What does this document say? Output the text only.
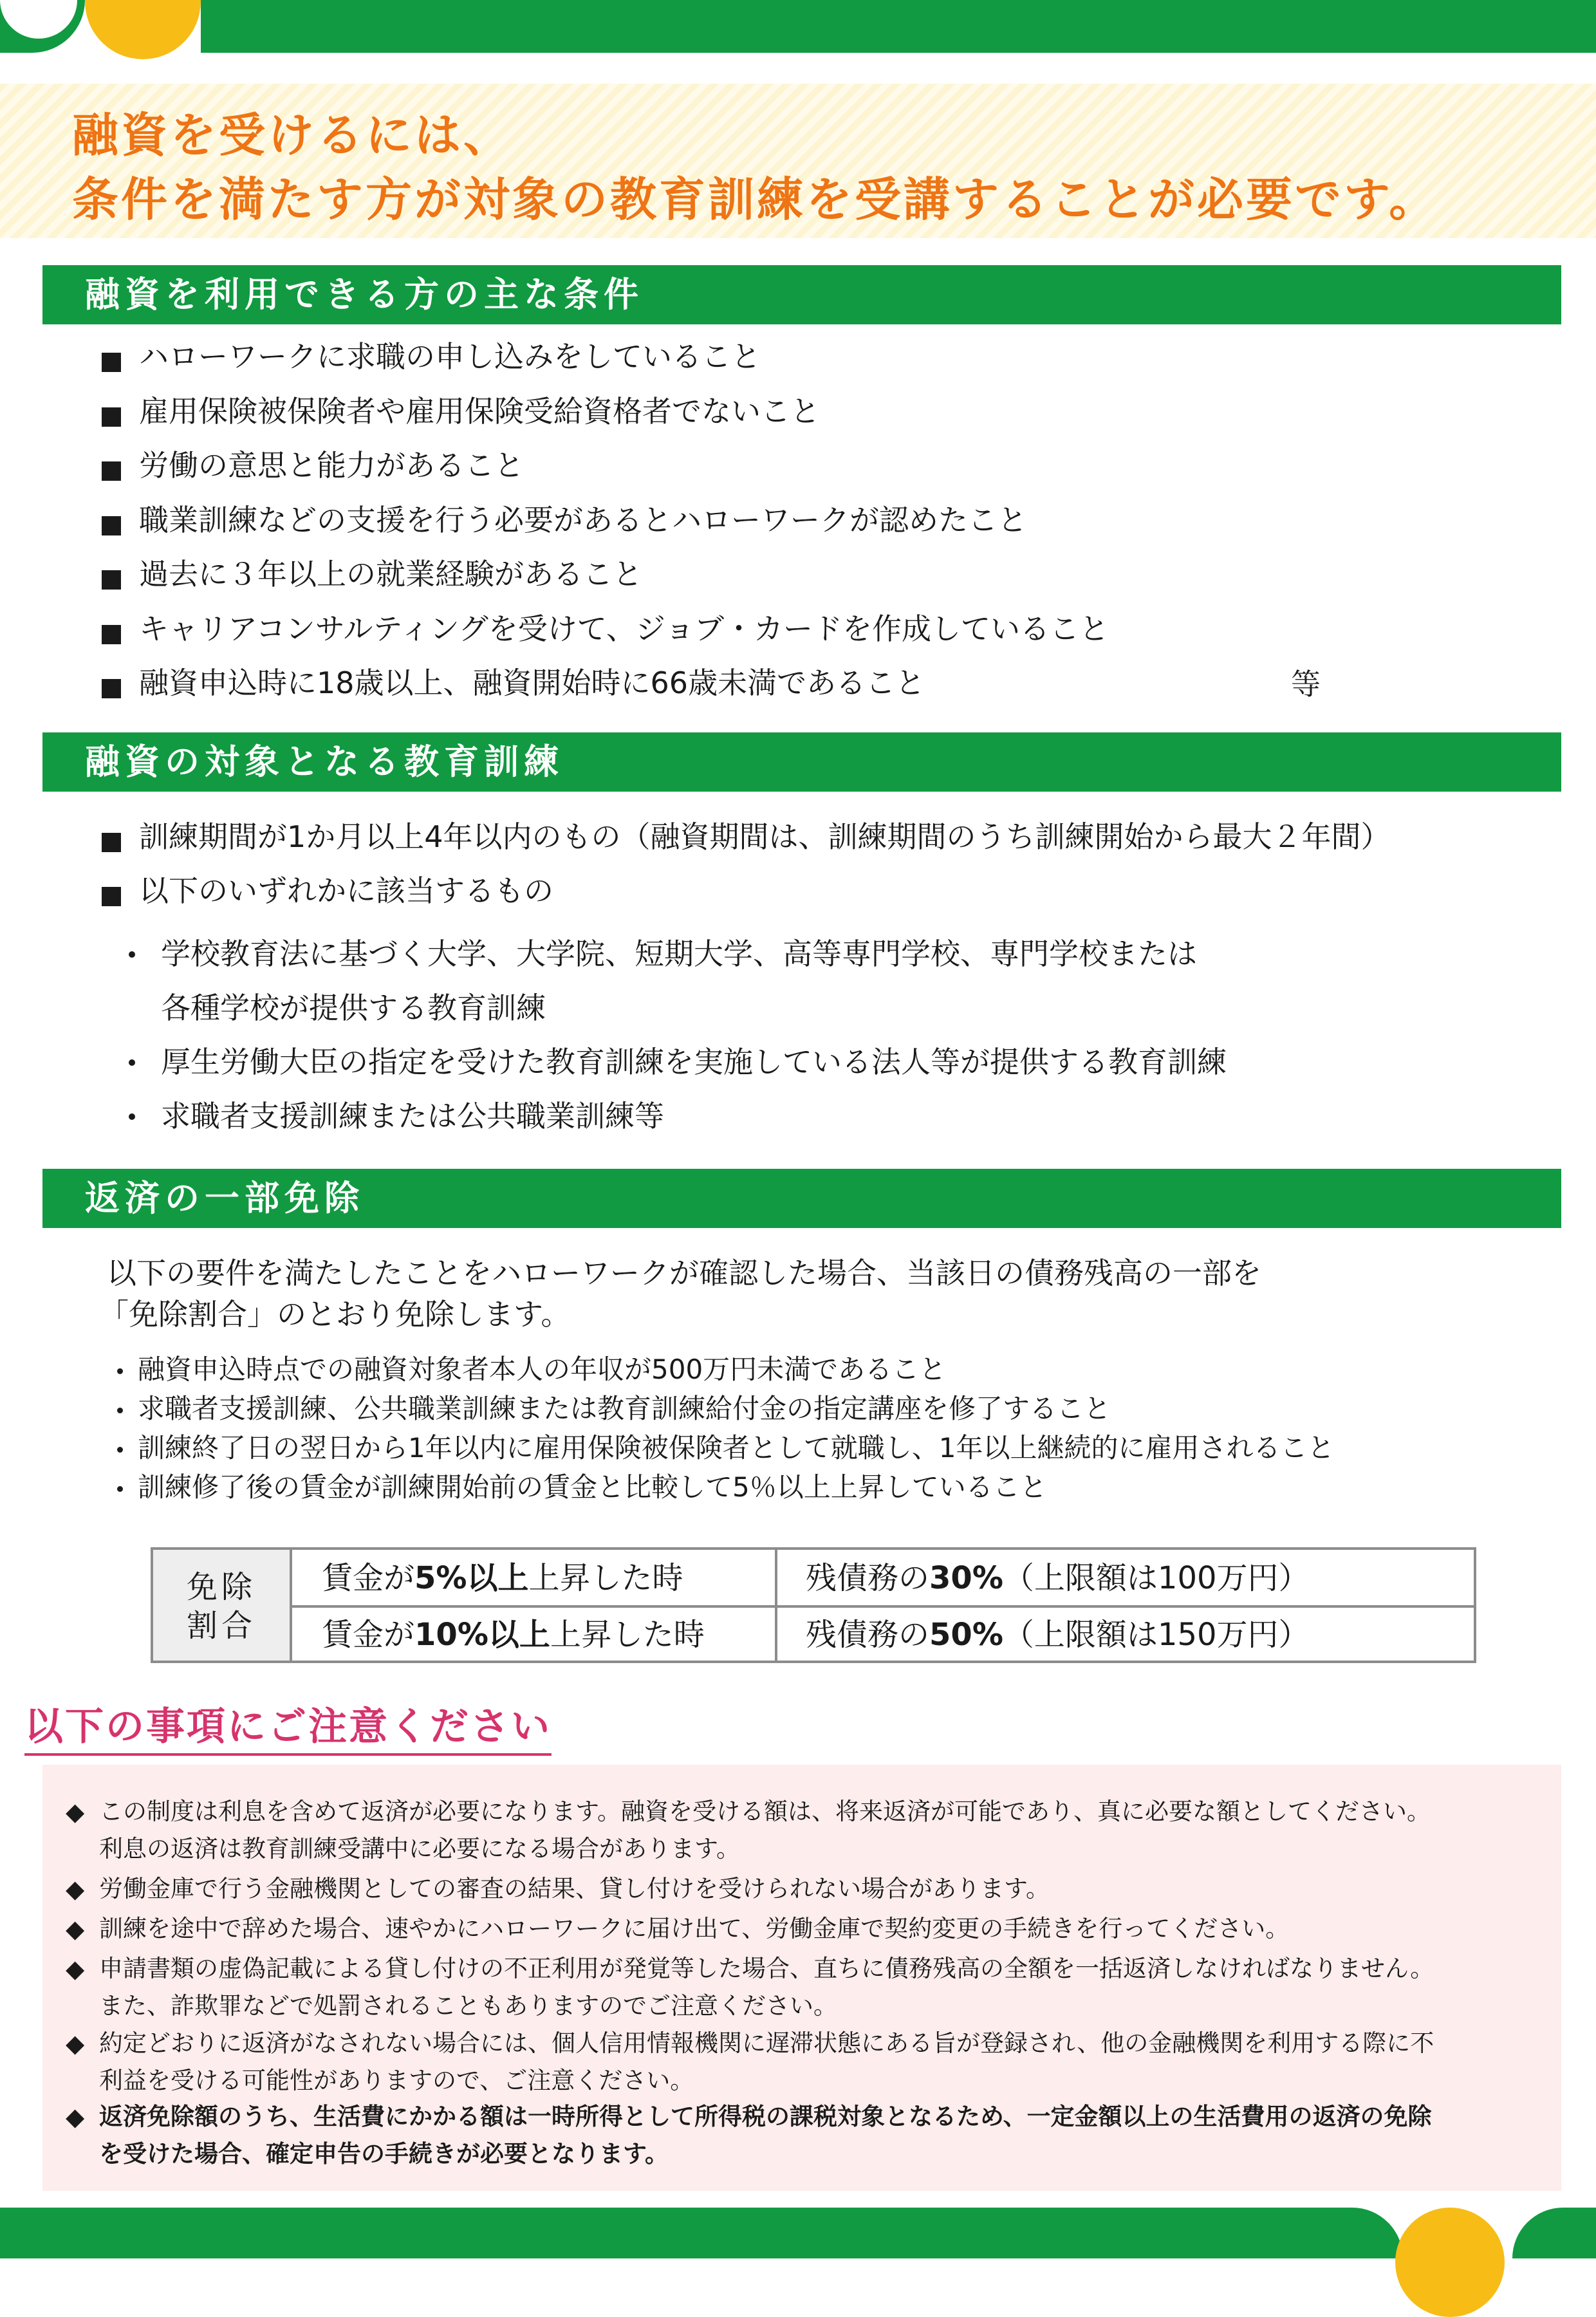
融資を受けるには、
条件を満たす方が対象の教育訓練を受講することが必要です。
融資を利用できる方の主な条件
ハローワークに求職の申し込みをしていること
雇用保険被保険者や雇用保険受給資格者でないこと
労働の意思と能力があること
職業訓練などの支援を行う必要があるとハローワークが認めたこと
過去に３年以上の就業経験があること
キャリアコンサルティングを受けて、ジョブ・カードを作成していること
融資申込時に18歳以上、融資開始時に66歳未満であること	等
融資の対象となる教育訓練
訓練期間が1か月以上4年以内のもの（融資期間は、訓練期間のうち訓練開始から最大２年間）
以下のいずれかに該当するもの
学校教育法に基づく大学、大学院、短期大学、高等専門学校、専門学校または
各種学校が提供する教育訓練
厚生労働大臣の指定を受けた教育訓練を実施している法人等が提供する教育訓練
求職者支援訓練または公共職業訓練等
返済の一部免除
以下の要件を満たしたことをハローワークが確認した場合、当該日の債務残高の一部を
「免除割合」のとおり免除します。
融資申込時点での融資対象者本人の年収が500万円未満であること
求職者支援訓練、公共職業訓練または教育訓練給付金の指定講座を修了すること
訓練終了日の翌日から1年以内に雇用保険被保険者として就職し、1年以上継続的に雇用されること
訓練修了後の賃金が訓練開始前の賃金と比較して5％以上上昇していること
免除
割合
賃金が5%以上上昇した時	残債務の30%（上限額は100万円）
賃金が10%以上上昇した時	残債務の50%（上限額は150万円）
以下の事項にご注意ください
◆ この制度は利息を含めて返済が必要になります。融資を受ける額は、将来返済が可能であり、真に必要な額としてください。
利息の返済は教育訓練受講中に必要になる場合があります。
◆ 労働金庫で行う金融機関としての審査の結果、貸し付けを受けられない場合があります。
◆ 訓練を途中で辞めた場合、速やかにハローワークに届け出て、労働金庫で契約変更の手続きを行ってください。
◆ 申請書類の虚偽記載による貸し付けの不正利用が発覚等した場合、直ちに債務残高の全額を一括返済しなければなりません。
また、詐欺罪などで処罰されることもありますのでご注意ください。
◆ 約定どおりに返済がなされない場合には、個人信用情報機関に遅滞状態にある旨が登録され、他の金融機関を利用する際に不
利益を受ける可能性がありますので、ご注意ください。
◆ 返済免除額のうち、生活費にかかる額は一時所得として所得税の課税対象となるため、一定金額以上の生活費用の返済の免除
を受けた場合、確定申告の手続きが必要となります。
